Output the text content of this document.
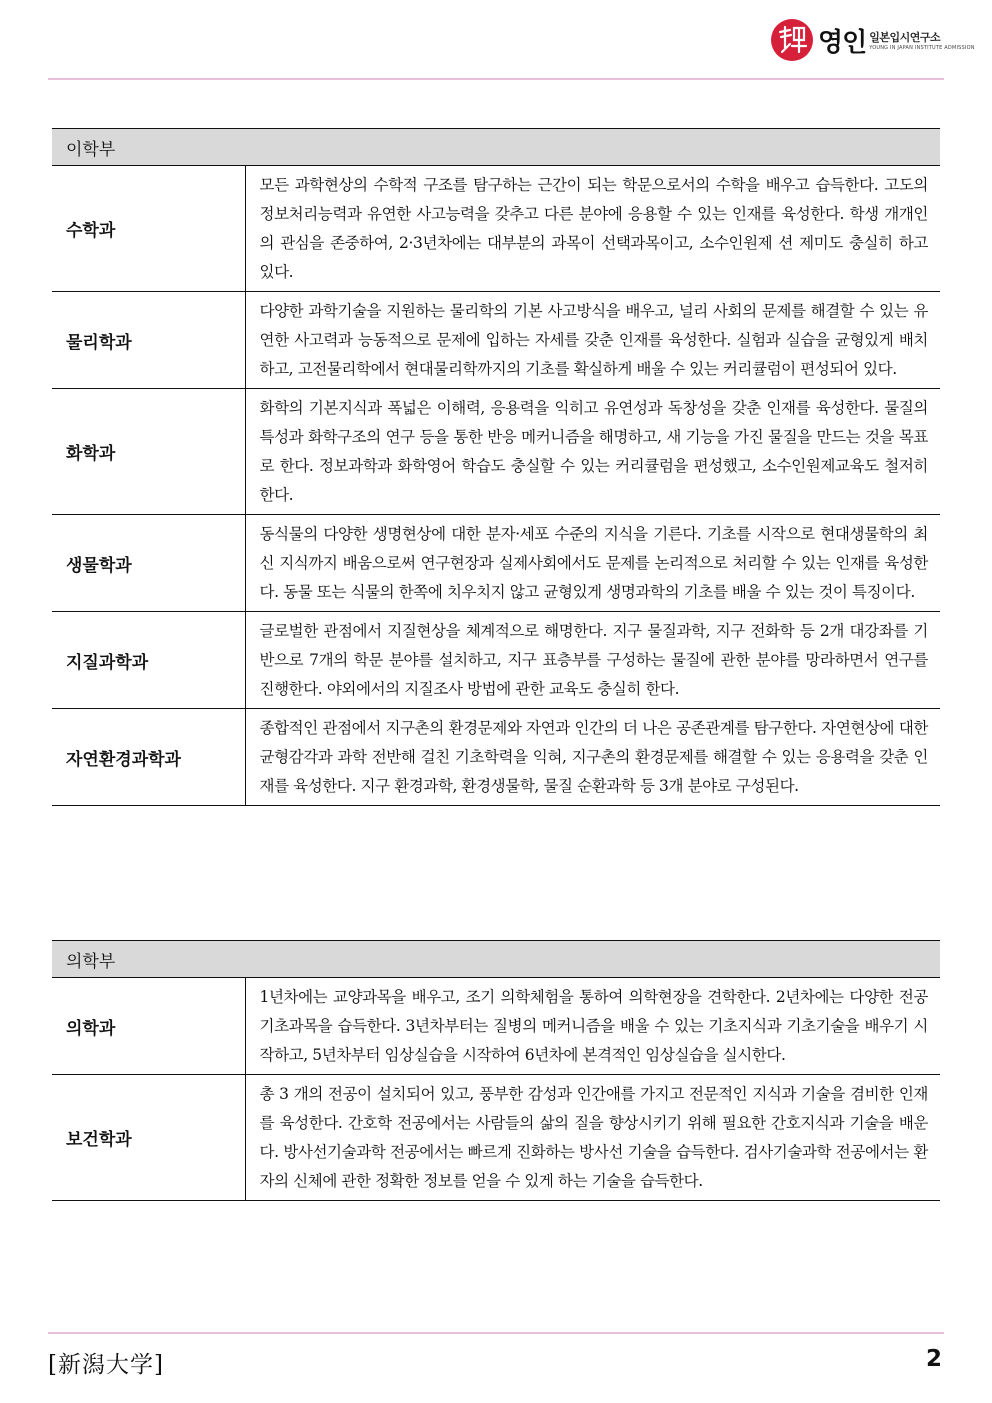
영인 일본입시연구소
YOUNG IN JAPAN INSTITUTE ADMISSION
이학부	
수학과	모든 과학현상의 수학적 구조를 탐구하는 근간이 되는 학문으로서의 수학을 배우고 습득한다. 고도의 정보처리능력과 유연한 사고능력을 갖추고 다른 분야에 응용할 수 있는 인재를 육성한다. 학생 개개인의 관심을 존중하여, 2·3년차에는 대부분의 과목이 선택과목이고, 소수인원제 션 제미도 충실히 하고 있다.
물리학과	다양한 과학기술을 지원하는 물리학의 기본 사고방식을 배우고, 널리 사회의 문제를 해결할 수 있는 유연한 사고력과 능동적으로 문제에 입하는 자세를 갖춘 인재를 육성한다. 실험과 실습을 균형있게 배치하고, 고전물리학에서 현대물리학까지의 기초를 확실하게 배울 수 있는 커리큘럼이 편성되어 있다.
화학과	화학의 기본지식과 폭넓은 이해력, 응용력을 익히고 유연성과 독창성을 갖춘 인재를 육성한다. 물질의 특성과 화학구조의 연구 등을 통한 반응 메커니즘을 해명하고, 새 기능을 가진 물질을 만드는 것을 목표로 한다. 정보과학과 화학영어 학습도 충실할 수 있는 커리큘럼을 편성했고, 소수인원제교육도 철저히 한다.
생물학과	동식물의 다양한 생명현상에 대한 분자·세포 수준의 지식을 기른다. 기초를 시작으로 현대생물학의 최신 지식까지 배움으로써 연구현장과 실제사회에서도 문제를 논리적으로 처리할 수 있는 인재를 육성한다. 동물 또는 식물의 한쪽에 치우치지 않고 균형있게 생명과학의 기초를 배울 수 있는 것이 특징이다.
지질과학과	글로벌한 관점에서 지질현상을 체계적으로 해명한다. 지구 물질과학, 지구 전화학 등 2개 대강좌를 기반으로 7개의 학문 분야를 설치하고, 지구 표층부를 구성하는 물질에 관한 분야를 망라하면서 연구를 진행한다. 야외에서의 지질조사 방법에 관한 교육도 충실히 한다.
자연환경과학과	종합적인 관점에서 지구촌의 환경문제와 자연과 인간의 더 나은 공존관계를 탐구한다. 자연현상에 대한 균형감각과 과학 전반해 걸친 기초학력을 익혀, 지구촌의 환경문제를 해결할 수 있는 응용력을 갖춘 인재를 육성한다. 지구 환경과학, 환경생물학, 물질 순환과학 등 3개 분야로 구성된다.
의학부	
의학과	1년차에는 교양과목을 배우고, 조기 의학체험을 통하여 의학현장을 견학한다. 2년차에는 다양한 전공기초과목을 습득한다. 3년차부터는 질병의 메커니즘을 배울 수 있는 기초지식과 기초기술을 배우기 시작하고, 5년차부터 임상실습을 시작하여 6년차에 본격적인 임상실습을 실시한다.
보건학과	총 3 개의 전공이 설치되어 있고, 풍부한 감성과 인간애를 가지고 전문적인 지식과 기술을 겸비한 인재를 육성한다. 간호학 전공에서는 사람들의 삶의 질을 향상시키기 위해 필요한 간호지식과 기술을 배운다. 방사선기술과학 전공에서는 빠르게 진화하는 방사선 기술을 습득한다. 검사기술과학 전공에서는 환자의 신체에 관한 정확한 정보를 얻을 수 있게 하는 기술을 습득한다.
[新潟大学]	2
